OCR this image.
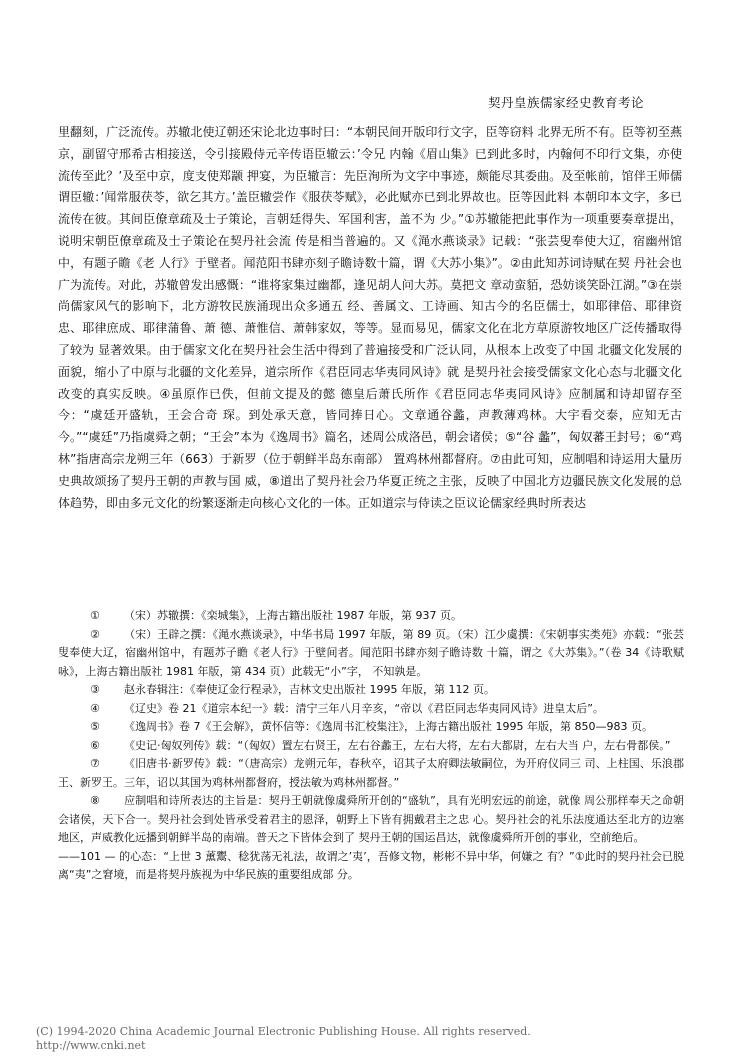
契丹皇族儒家经史教育考论

里翻刻，广泛流传。苏辙北使辽朝还宋论北边事时曰：“本朝民间开版印行文字，臣等窃料 北界无所不有。臣等初至燕京，副留守邢希古相接送，令引接殿侍元辛传语臣辙云：’令兄 内翰《眉山集》已到此多时，内翰何不印行文集，亦使流传至此？’及至中京，度支使郑颛 押宴，为臣辙言：先臣洵所为文字中事迹，颇能尽其委曲。及至帐前，馆伴王师儒谓臣辙：’闻常服茯苓，欲乞其方。’盖臣辙尝作《服茯苓赋》，必此赋亦已到北界故也。臣等因此料 本朝印本文字，多已流传在彼。其间臣僚章疏及士子策论，言朝廷得失、军国利害，盖不为 少。”①苏辙能把此事作为一项重要奏章提出，说明宋朝臣僚章疏及士子策论在契丹社会流 传是相当普遍的。又《渑水燕谈录》记载：“张芸叟奉使大辽，宿幽州馆中，有题子瞻《老 人行》于壁者。闻范阳书肆亦刻子瞻诗数十篇，谓《大苏小集》”。②由此知苏词诗赋在契 丹社会也广为流传。对此，苏辙曾发出感慨：“谁将家集过幽都，逢见胡人问大苏。莫把文 章动蛮貊，恐妨谈笑卧江湖。”③在崇尚儒家风气的影响下，北方游牧民族涌现出众多通五 经、善属文、工诗画、知古今的名臣儒士，如耶律倍、耶律资忠、耶律庶成、耶律蒲鲁、萧 德、萧惟信、萧韩家奴，等等。显而易见，儒家文化在北方草原游牧地区广泛传播取得了较为 显著效果。由于儒家文化在契丹社会生活中得到了普遍接受和广泛认同，从根本上改变了中国 北疆文化发展的面貌，缩小了中原与北疆的文化差异，道宗所作《君臣同志华夷同风诗》就 是契丹社会接受儒家文化心态与北疆文化改变的真实反映。④虽原作已佚，但前文提及的懿 德皇后萧氏所作《君臣同志华夷同风诗》应制属和诗却留存至今：“虞廷开盛轨，王会合奇 琛。到处承天意，皆同捧日心。文章通谷蠡，声教薄鸡林。大宇看交泰，应知无古今。”“虞廷”乃指虞舜之朝；“王会”本为《逸周书》篇名，述周公成洛邑，朝会诸侯；⑤“谷 蠡”，匈奴蕃王封号；⑥“鸡林”指唐高宗龙朔三年（663）于新罗（位于朝鲜半岛东南部） 置鸡林州都督府。⑦由此可知，应制唱和诗运用大量历史典故颂扬了契丹王朝的声教与国 威，⑧道出了契丹社会乃华夏正统之主张，反映了中国北方边疆民族文化发展的总体趋势，即由多元文化的纷繁逐渐走向核心文化的一体。正如道宗与侍读之臣议论儒家经典时所表达

① （宋）苏辙撰：《栾城集》，上海古籍出版社 1987 年版，第 937 页。

② （宋）王辟之撰：《渑水燕谈录》，中华书局 1997 年版，第 89 页。（宋）江少虞撰：《宋朝事实类苑》亦载：“张芸叟奉使大辽，宿幽州馆中，有题苏子瞻《老人行》于壁间者。闻范阳书肆亦刻子瞻诗数 十篇，谓之《大苏集》。”（卷 34《诗歌赋咏》，上海古籍出版社 1981 年版，第 434 页）此载无“小”字， 不知孰是。

③ 赵永春辑注：《奉使辽金行程录》，吉林文史出版社 1995 年版，第 112 页。

④ 《辽史》卷 21《道宗本纪一》载：清宁三年八月辛亥，“帝以《君臣同志华夷同风诗》进皇太后”。

⑤ 《逸周书》卷 7《王会解》，黄怀信等：《逸周书汇校集注》，上海古籍出版社 1995 年版，第 850—983 页。

⑥ 《史记·匈奴列传》载：“（匈奴）置左右贤王，左右谷蠡王，左右大将，左右大都尉，左右大当 户，左右骨都侯。”

⑦ 《旧唐书·新罗传》载：“（唐高宗）龙朔元年，春秋卒，诏其子太府卿法敏嗣位，为开府仪同三 司、上柱国、乐浪郡王、新罗王。三年，诏以其国为鸡林州都督府，授法敏为鸡林州都督。”

⑧ 应制唱和诗所表达的主旨是：契丹王朝就像虞舜所开创的“盛轨”，具有光明宏远的前途，就像 周公那样奉天之命朝会诸侯，天下合一。契丹社会到处皆承受着君主的恩泽，朝野上下皆有拥戴君主之忠 心。契丹社会的礼乐法度通达至北方的边塞地区，声威教化远播到朝鲜半岛的南端。普天之下皆体会到了 契丹王朝的国运昌达，就像虞舜所开创的事业，空前绝后。

——101 — 的心态：“上世 3 薰鬻、稔犹荡无礼法，故谓之’夷’，吾修文物，彬彬不异中华，何嫌之 有？”①此时的契丹社会已脱离“夷”之窘境，而是将契丹族视为中华民族的重要组成部 分。

(C) 1994-2020 China Academic Journal Electronic Publishing House. All rights reserved.
http://www.cnki.net
